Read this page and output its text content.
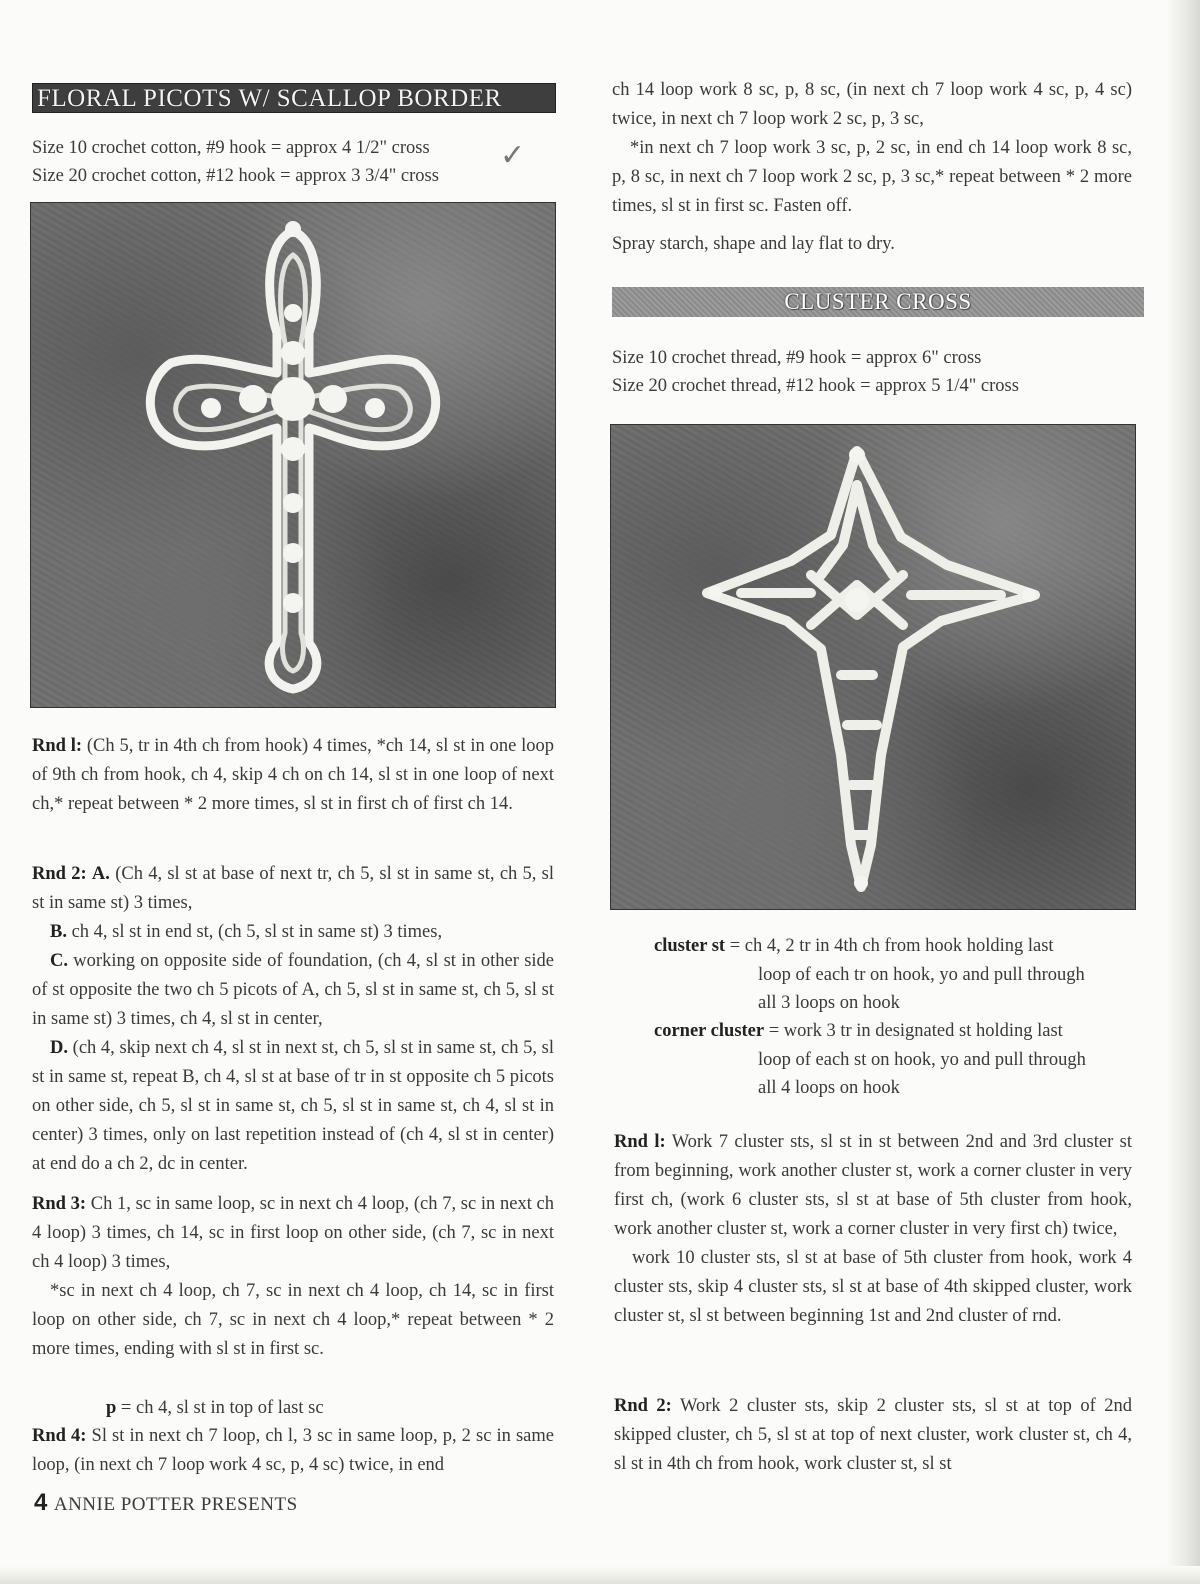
FLORAL PICOTS W/ SCALLOP BORDER
Size 10 crochet cotton, #9 hook = approx 4 1/2" cross
Size 20 crochet cotton, #12 hook = approx 3 3/4" cross
✓

Rnd l: (Ch 5, tr in 4th ch from hook) 4 times, *ch 14, sl st in one loop of 9th ch from hook, ch 4, skip 4 ch on ch 14, sl st in one loop of next ch,* repeat between * 2 more times, sl st in first ch of first ch 14.

Rnd 2: A. (Ch 4, sl st at base of next tr, ch 5, sl st in same st, ch 5, sl st in same st) 3 times,
B. ch 4, sl st in end st, (ch 5, sl st in same st) 3 times,
C. working on opposite side of foundation, (ch 4, sl st in other side of st opposite the two ch 5 picots of A, ch 5, sl st in same st, ch 5, sl st in same st) 3 times, ch 4, sl st in center,
D. (ch 4, skip next ch 4, sl st in next st, ch 5, sl st in same st, ch 5, sl st in same st, repeat B, ch 4, sl st at base of tr in st opposite ch 5 picots on other side, ch 5, sl st in same st, ch 5, sl st in same st, ch 4, sl st in center) 3 times, only on last repetition instead of (ch 4, sl st in center) at end do a ch 2, dc in center.

Rnd 3: Ch 1, sc in same loop, sc in next ch 4 loop, (ch 7, sc in next ch 4 loop) 3 times, ch 14, sc in first loop on other side, (ch 7, sc in next ch 4 loop) 3 times,
*sc in next ch 4 loop, ch 7, sc in next ch 4 loop, ch 14, sc in first loop on other side, ch 7, sc in next ch 4 loop,* repeat between * 2 more times, ending with sl st in first sc.

p = ch 4, sl st in top of last sc

Rnd 4: Sl st in next ch 7 loop, ch l, 3 sc in same loop, p, 2 sc in same loop, (in next ch 7 loop work 4 sc, p, 4 sc) twice, in end

4 ANNIE POTTER PRESENTS

ch 14 loop work 8 sc, p, 8 sc, (in next ch 7 loop work 4 sc, p, 4 sc) twice, in next ch 7 loop work 2 sc, p, 3 sc,
*in next ch 7 loop work 3 sc, p, 2 sc, in end ch 14 loop work 8 sc, p, 8 sc, in next ch 7 loop work 2 sc, p, 3 sc,* repeat between * 2 more times, sl st in first sc. Fasten off.

Spray starch, shape and lay flat to dry.

CLUSTER CROSS
Size 10 crochet thread, #9 hook = approx 6" cross
Size 20 crochet thread, #12 hook = approx 5 1/4" cross
cluster st = ch 4, 2 tr in 4th ch from hook holding last
loop of each tr on hook, yo and pull through
all 3 loops on hook
corner cluster = work 3 tr in designated st holding last
loop of each st on hook, yo and pull through
all 4 loops on hook

Rnd l: Work 7 cluster sts, sl st in st between 2nd and 3rd cluster st from beginning, work another cluster st, work a corner cluster in very first ch, (work 6 cluster sts, sl st at base of 5th cluster from hook, work another cluster st, work a corner cluster in very first ch) twice,
work 10 cluster sts, sl st at base of 5th cluster from hook, work 4 cluster sts, skip 4 cluster sts, sl st at base of 4th skipped cluster, work cluster st, sl st between beginning 1st and 2nd cluster of rnd.

Rnd 2: Work 2 cluster sts, skip 2 cluster sts, sl st at top of 2nd skipped cluster, ch 5, sl st at top of next cluster, work cluster st, ch 4, sl st in 4th ch from hook, work cluster st, sl st
